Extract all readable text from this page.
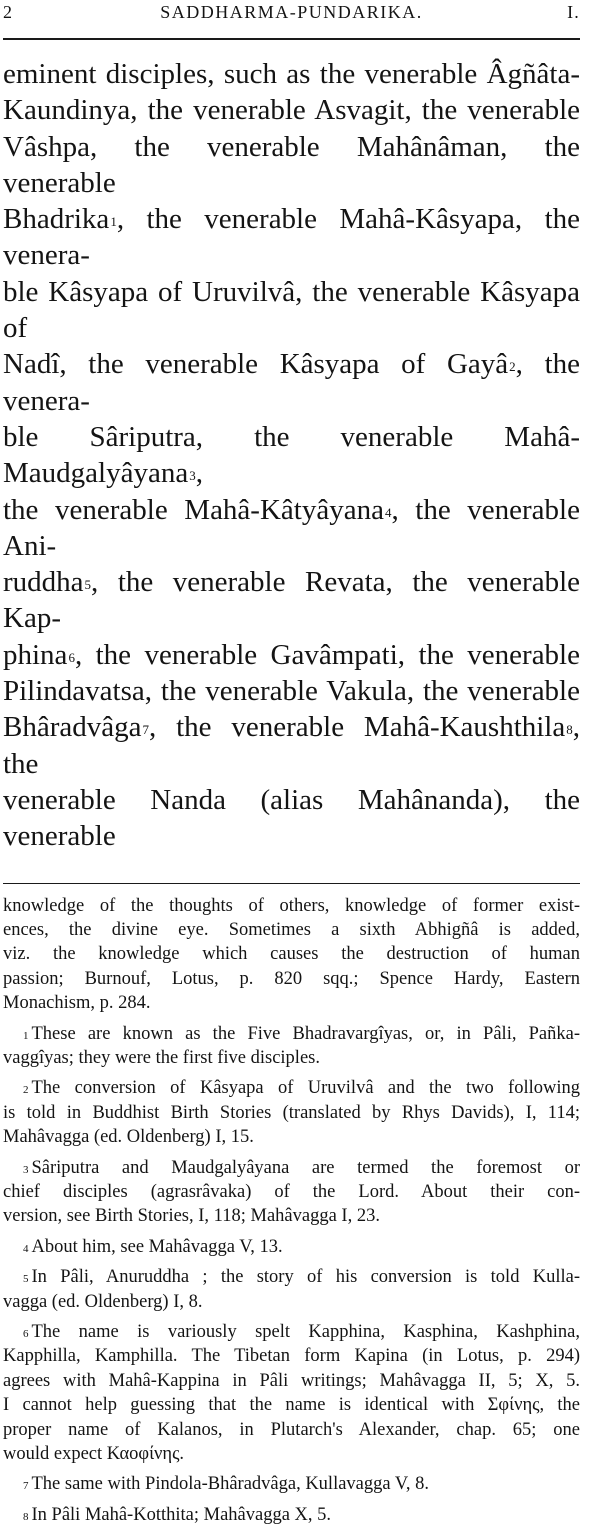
2	SADDHARMA-PUNDARIKA.	I.
eminent disciples, such as the venerable Âgñâta-
Kaundinya, the venerable Asvagit, the venerable
Vâshpa, the venerable Mahânâman, the venerable
Bhadrika$^1$, the venerable Mahâ-Kâsyapa, the venera-
ble Kâsyapa of Uruvilvâ, the venerable Kâsyapa of
Nadî, the venerable Kâsyapa of Gayâ$^2$, the venera-
ble Sâriputra, the venerable Mahâ-Maudgalyâyana$^3$,
the venerable Mahâ-Kâtyâyana$^4$, the venerable Ani-
ruddha$^5$, the venerable Revata, the venerable Kap-
phina$^6$, the venerable Gavâmpati, the venerable
Pilindavatsa, the venerable Vakula, the venerable
Bhâradvâga$^7$, the venerable Mahâ-Kaushthila$^8$, the
venerable Nanda (alias Mahânanda), the venerable
knowledge of the thoughts of others, knowledge of former exist-
ences, the divine eye. Sometimes a sixth Abhigñâ is added,
viz. the knowledge which causes the destruction of human
passion; Burnouf, Lotus, p. 820 sqq.; Spence Hardy, Eastern
Monachism, p. 284.
$^1$ These are known as the Five Bhadravargîyas, or, in Pâli, Pañka-
vaggîyas; they were the first five disciples.
$^2$ The conversion of Kâsyapa of Uruvilvâ and the two following
is told in Buddhist Birth Stories (translated by Rhys Davids), I, 114;
Mahâvagga (ed. Oldenberg) I, 15.
$^3$ Sâriputra and Maudgalyâyana are termed the foremost or
chief disciples (agrasrâvaka) of the Lord. About their con-
version, see Birth Stories, I, 118; Mahâvagga I, 23.
$^4$ About him, see Mahâvagga V, 13.
$^5$ In Pâli, Anuruddha ; the story of his conversion is told Kulla-
vagga (ed. Oldenberg) I, 8.
$^6$ The name is variously spelt Kapphina, Kasphina, Kashphina,
Kapphilla, Kamphilla. The Tibetan form Kapina (in Lotus, p. 294)
agrees with Mahâ-Kappina in Pâli writings; Mahâvagga II, 5; X, 5.
I cannot help guessing that the name is identical with Σφίνης, the
proper name of Kalanos, in Plutarch's Alexander, chap. 65; one
would expect Καοφίνης.
$^7$ The same with Pindola-Bhâradvâga, Kullavagga V, 8.
$^8$ In Pâli Mahâ-Kotthita; Mahâvagga X, 5.
